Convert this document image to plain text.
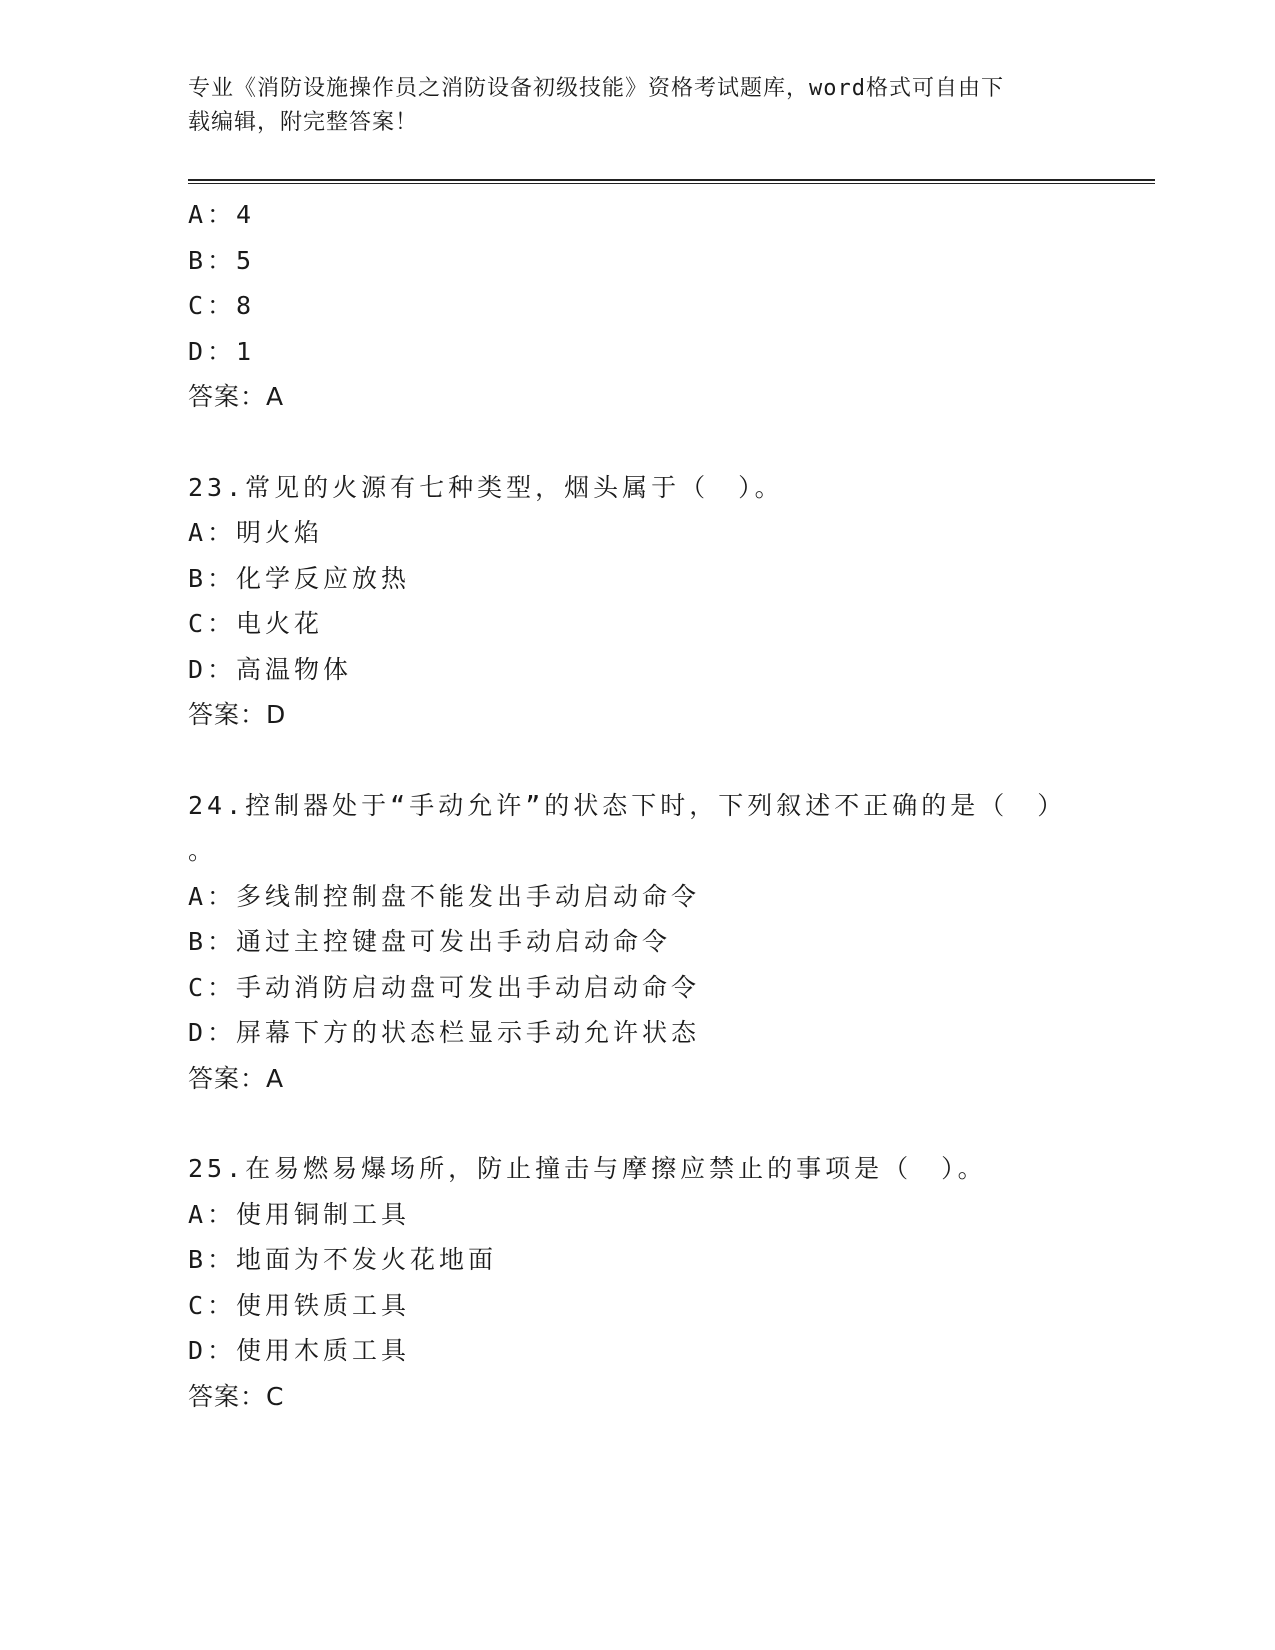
专业《消防设施操作员之消防设备初级技能》资格考试题库，word格式可自由下
载编辑，附完整答案！
A：4
B：5
C：8
D：1
答案：A
23.常见的火源有七种类型，烟头属于（　）。
A：明火焰
B：化学反应放热
C：电火花
D：高温物体
答案：D
24.控制器处于“手动允许”的状态下时，下列叙述不正确的是（　）
。
A：多线制控制盘不能发出手动启动命令
B：通过主控键盘可发出手动启动命令
C：手动消防启动盘可发出手动启动命令
D：屏幕下方的状态栏显示手动允许状态
答案：A
25.在易燃易爆场所，防止撞击与摩擦应禁止的事项是（　）。
A：使用铜制工具
B：地面为不发火花地面
C：使用铁质工具
D：使用木质工具
答案：C
